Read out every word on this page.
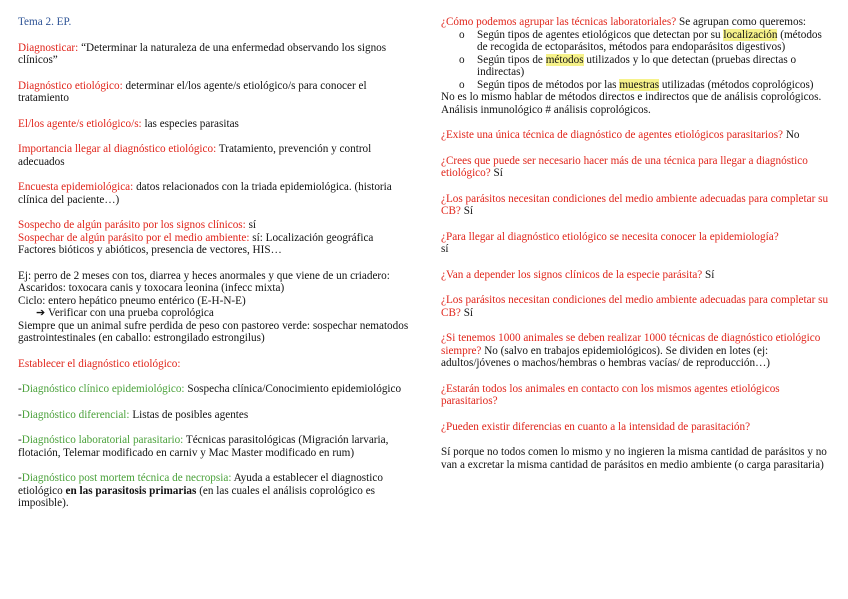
Tema 2. EP.

Diagnosticar: “Determinar la naturaleza de una enfermedad observando los signos clínicos”

Diagnóstico etiológico: determinar el/los agente/s etiológico/s para conocer el tratamiento

El/los agente/s etiológico/s: las especies parasitas

Importancia llegar al diagnóstico etiológico: Tratamiento, prevención y control adecuados

Encuesta epidemiológica: datos relacionados con la triada epidemiológica. (historia clínica del paciente…)

Sospecho de algún parásito por los signos clínicos: sí

Sospechar de algún parásito por el medio ambiente: sí: Localización geográfica

Factores bióticos y abióticos, presencia de vectores, HIS…

Ej: perro de 2 meses con tos, diarrea y heces anormales y que viene de un criadero:

Ascaridos: toxocara canis y toxocara leonina (infecc mixta)

Ciclo: entero hepático pneumo entérico (E-H-N-E)

➔ Verificar con una prueba coprológica

Siempre que un animal sufre perdida de peso con pastoreo verde: sospechar nematodos gastrointestinales (en caballo: estrongilado estrongilus)

Establecer el diagnóstico etiológico:

-Diagnóstico clínico epidemiológico: Sospecha clínica/Conocimiento epidemiológico

-Diagnóstico diferencial: Listas de posibles agentes

-Diagnóstico laboratorial parasitario: Técnicas parasitológicas (Migración larvaria, flotación, Telemar modificado en carniv y Mac Master modificado en rum)

-Diagnóstico post mortem técnica de necropsia: Ayuda a establecer el diagnostico etiológico en las parasitosis primarias (en las cuales el análisis coprológico es imposible).

¿Cómo podemos agrupar las técnicas laboratoriales? Se agrupan como queremos:

o Según tipos de agentes etiológicos que detectan por su localización (métodos de recogida de ectoparásitos, métodos para endoparásitos digestivos)
o Según tipos de métodos utilizados y lo que detectan (pruebas directas o indirectas)
o Según tipos de métodos por las muestras utilizadas (métodos coprológicos)

No es lo mismo hablar de métodos directos e indirectos que de análisis coprológicos. Análisis inmunológico # análisis coprológicos.

¿Existe una única técnica de diagnóstico de agentes etiológicos parasitarios? No

¿Crees que puede ser necesario hacer más de una técnica para llegar a diagnóstico etiológico? Sí

¿Los parásitos necesitan condiciones del medio ambiente adecuadas para completar su CB? Sí

¿Para llegar al diagnóstico etiológico se necesita conocer la epidemiología?

sí

¿Van a depender los signos clínicos de la especie parásita? Sí

¿Los parásitos necesitan condiciones del medio ambiente adecuadas para completar su CB? Sí

¿Si tenemos 1000 animales se deben realizar 1000 técnicas de diagnóstico etiológico siempre? No (salvo en trabajos epidemiológicos). Se dividen en lotes (ej: adultos/jóvenes o machos/hembras o hembras vacías/ de reproducción…)

¿Estarán todos los animales en contacto con los mismos agentes etiológicos parasitarios?

¿Pueden existir diferencias en cuanto a la intensidad de parasitación?

Sí porque no todos comen lo mismo y no ingieren la misma cantidad de parásitos y no van a excretar la misma cantidad de parásitos en medio ambiente (o carga parasitaria)
